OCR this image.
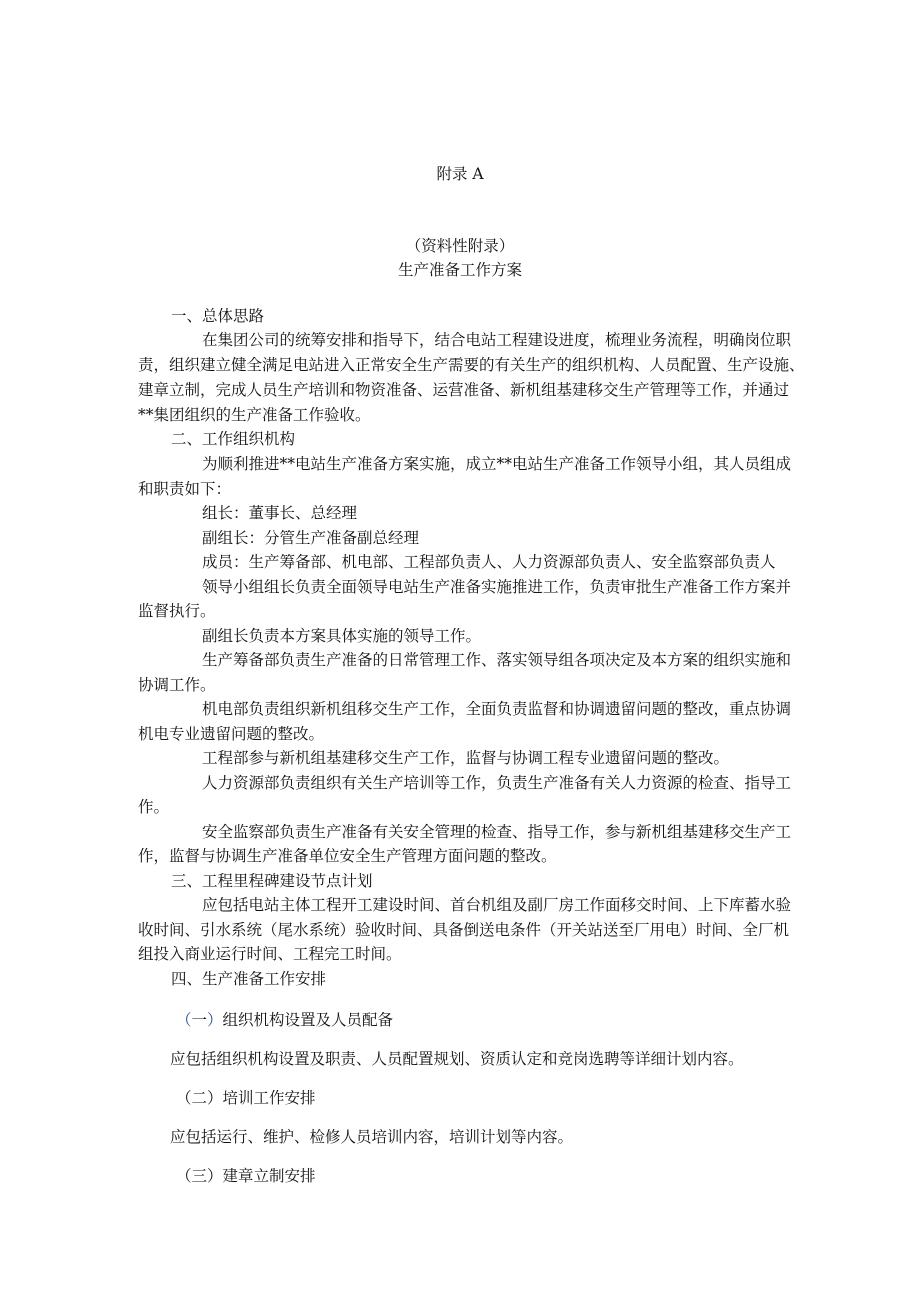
附录 A
（资料性附录）
生产准备工作方案
一、总体思路
在集团公司的统筹安排和指导下，结合电站工程建设进度，梳理业务流程，明确岗位职
责，组织建立健全满足电站进入正常安全生产需要的有关生产的组织机构、人员配置、生产设施、
建章立制，完成人员生产培训和物资准备、运营准备、新机组基建移交生产管理等工作，并通过
**集团组织的生产准备工作验收。
二、工作组织机构
为顺利推进**电站生产准备方案实施，成立**电站生产准备工作领导小组，其人员组成
和职责如下：
组长：董事长、总经理
副组长：分管生产准备副总经理
成员：生产筹备部、机电部、工程部负责人、人力资源部负责人、安全监察部负责人
领导小组组长负责全面领导电站生产准备实施推进工作，负责审批生产准备工作方案并
监督执行。
副组长负责本方案具体实施的领导工作。
生产筹备部负责生产准备的日常管理工作、落实领导组各项决定及本方案的组织实施和
协调工作。
机电部负责组织新机组移交生产工作，全面负责监督和协调遗留问题的整改，重点协调
机电专业遗留问题的整改。
工程部参与新机组基建移交生产工作，监督与协调工程专业遗留问题的整改。
人力资源部负责组织有关生产培训等工作，负责生产准备有关人力资源的检查、指导工
作。
安全监察部负责生产准备有关安全管理的检查、指导工作，参与新机组基建移交生产工
作，监督与协调生产准备单位安全生产管理方面问题的整改。
三、工程里程碑建设节点计划
应包括电站主体工程开工建设时间、首台机组及副厂房工作面移交时间、上下库蓄水验
收时间、引水系统（尾水系统）验收时间、具备倒送电条件（开关站送至厂用电）时间、全厂机
组投入商业运行时间、工程完工时间。
四、生产准备工作安排
（一）组织机构设置及人员配备
应包括组织机构设置及职责、人员配置规划、资质认定和竞岗选聘等详细计划内容。
（二）培训工作安排
应包括运行、维护、检修人员培训内容，培训计划等内容。
（三）建章立制安排
